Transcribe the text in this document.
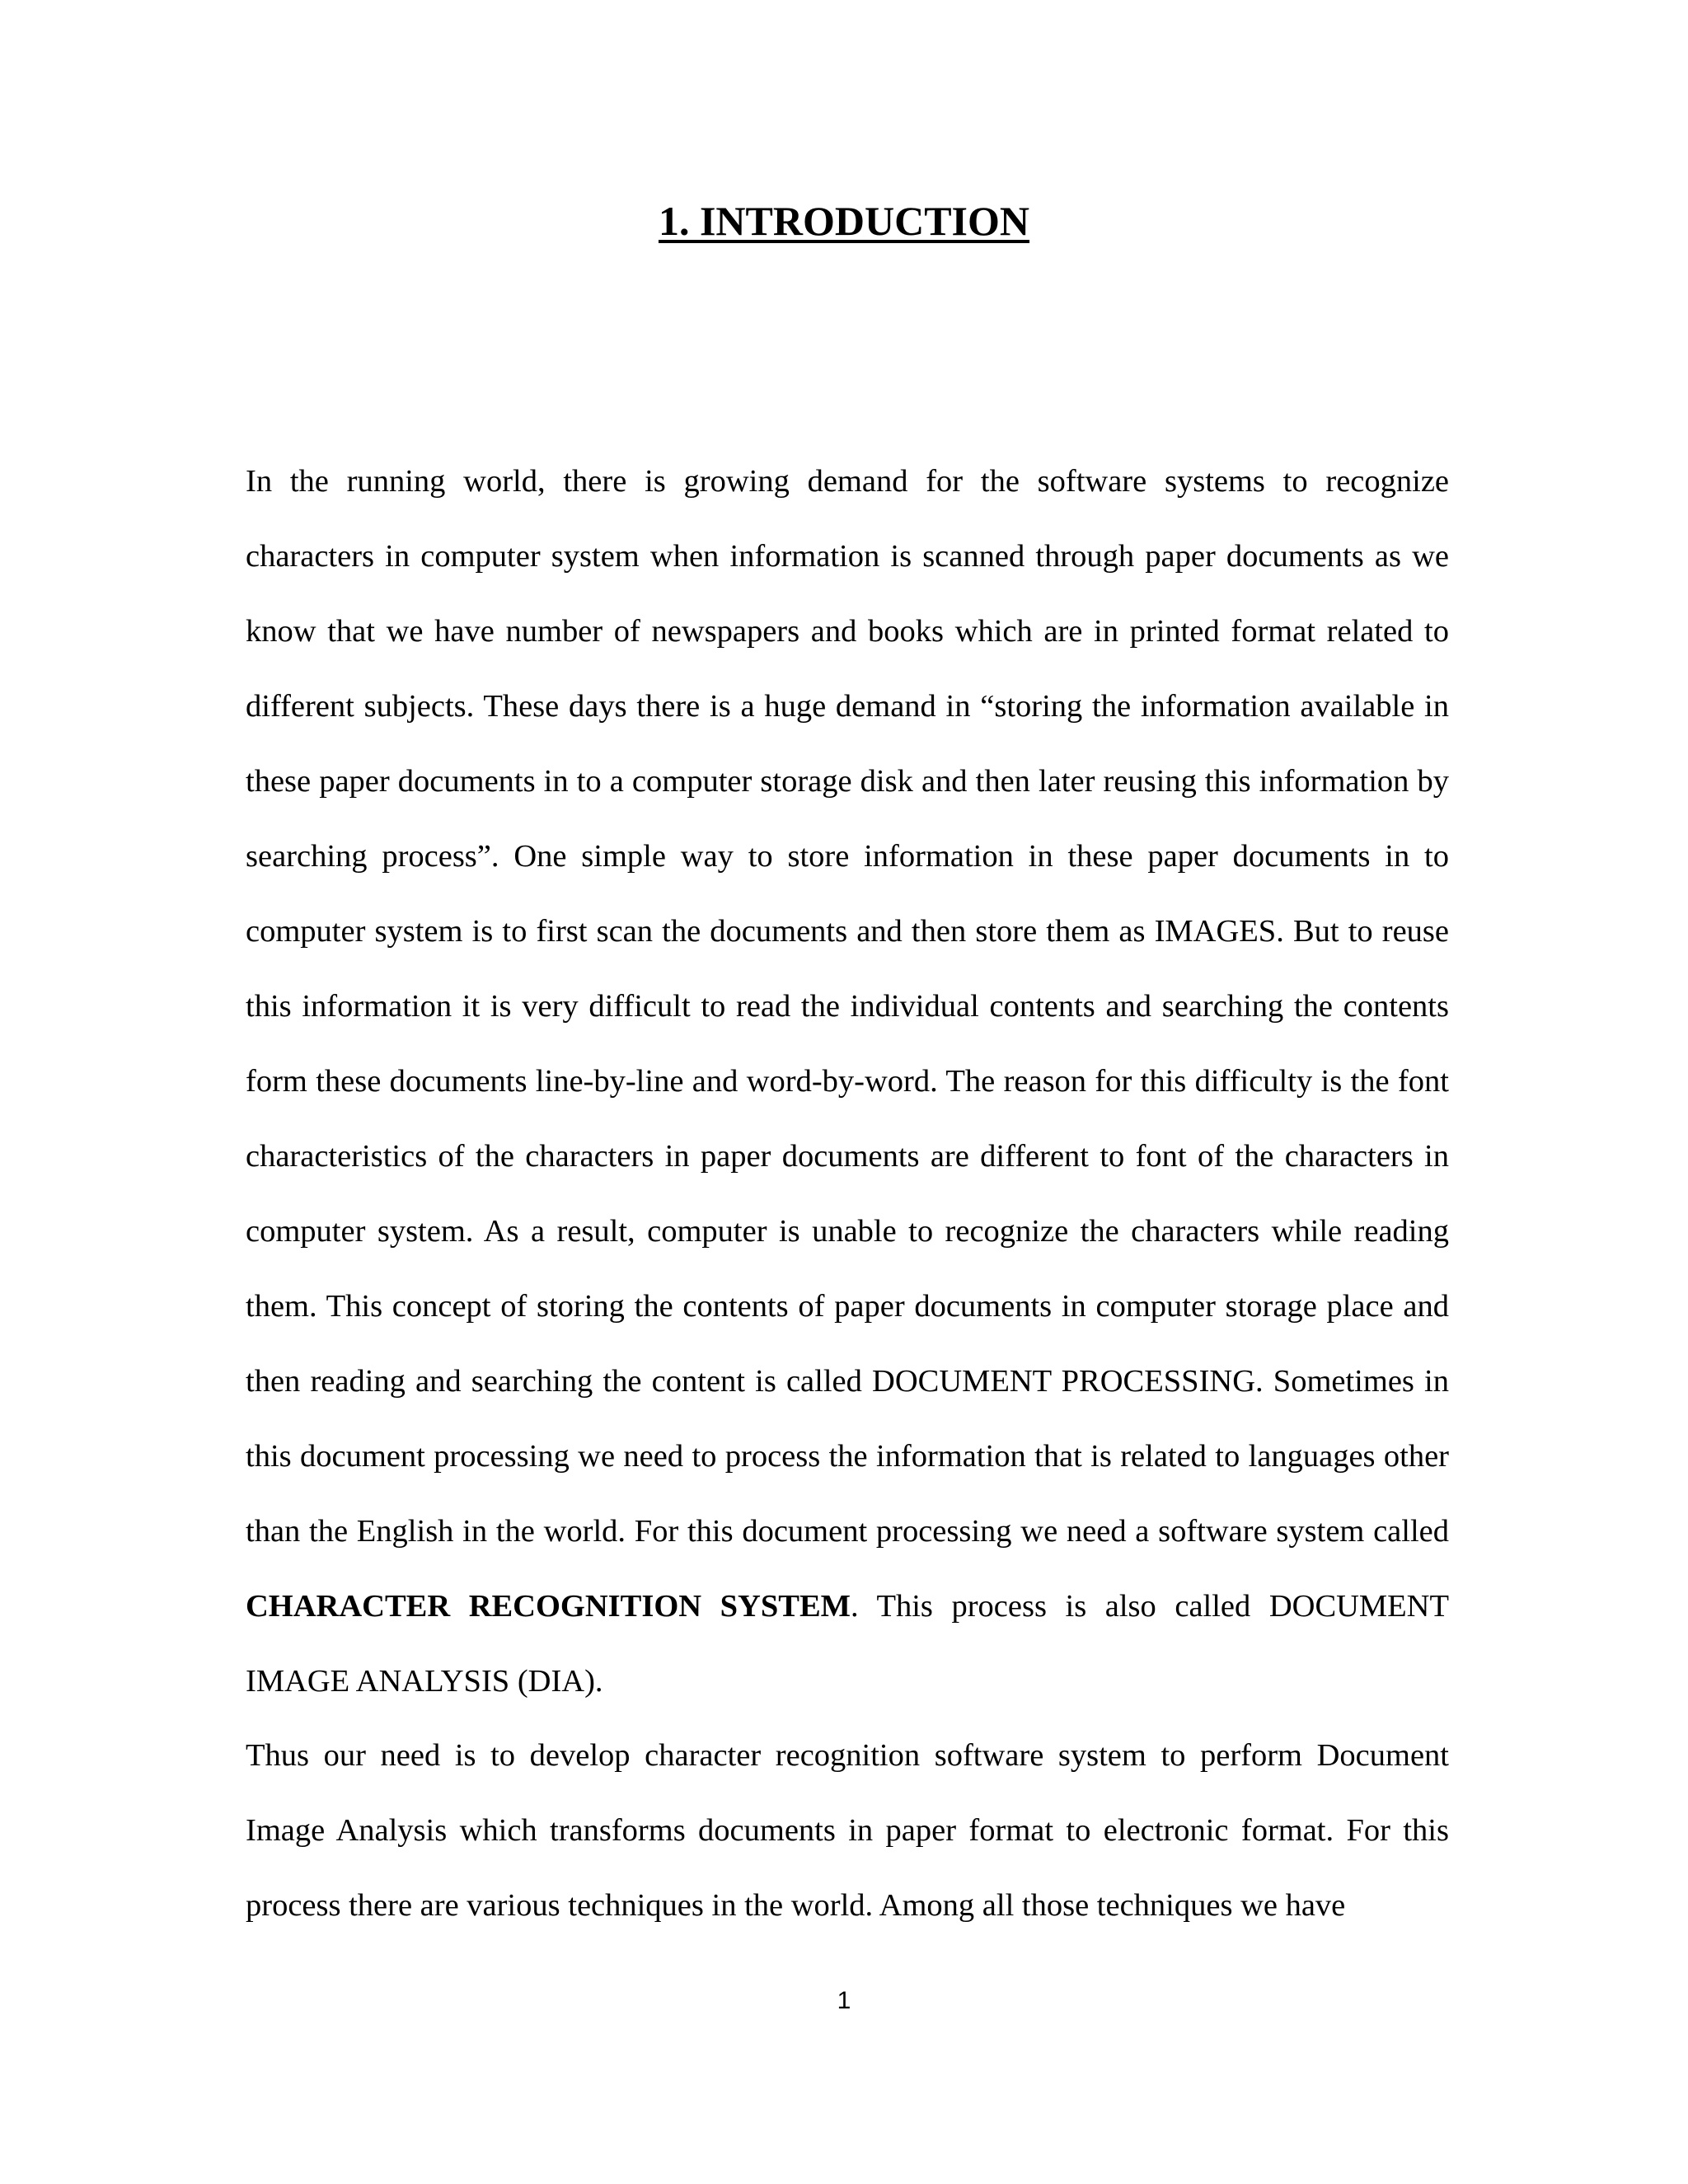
1. INTRODUCTION

In the running world, there is growing demand for the software systems to recognize characters in computer system when information is scanned through paper documents as we know that we have number of newspapers and books which are in printed format related to different subjects. These days there is a huge demand in “storing the information available in these paper documents in to a computer storage disk and then later reusing this information by searching process”. One simple way to store information in these paper documents in to computer system is to first scan the documents and then store them as IMAGES. But to reuse this information it is very difficult to read the individual contents and searching the contents form these documents line-by-line and word-by-word. The reason for this difficulty is the font characteristics of the characters in paper documents are different to font of the characters in computer system. As a result, computer is unable to recognize the characters while reading them. This concept of storing the contents of paper documents in computer storage place and then reading and searching the content is called DOCUMENT PROCESSING. Sometimes in this document processing we need to process the information that is related to languages other than the English in the world. For this document processing we need a software system called CHARACTER RECOGNITION SYSTEM. This process is also called DOCUMENT IMAGE ANALYSIS (DIA).

Thus our need is to develop character recognition software system to perform Document Image Analysis which transforms documents in paper format to electronic format. For this process there are various techniques in the world. Among all those techniques we have

1
